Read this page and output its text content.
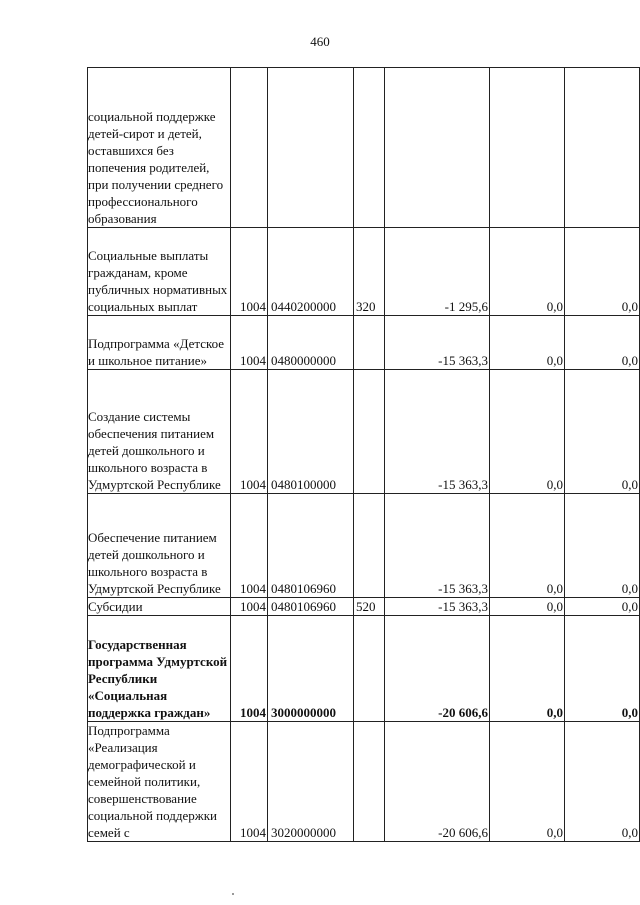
460
социальной поддержке детей-сирот и детей, оставшихся без попечения родителей, при получении среднего профессионального образования						

Социальные выплаты гражданам, кроме публичных нормативных социальных выплат	1004	0440200000	320	-1 295,6	0,0	0,0

Подпрограмма «Детское и школьное питание»	1004	0480000000		-15 363,3	0,0	0,0

Создание системы обеспечения питанием детей дошкольного и школьного возраста в Удмуртской Республике	1004	0480100000		-15 363,3	0,0	0,0

Обеспечение питанием детей дошкольного и школьного возраста в Удмуртской Республике	1004	0480106960		-15 363,3	0,0	0,0

Субсидии	1004	0480106960	520	-15 363,3	0,0	0,0

Государственная программа Удмуртской Республики «Социальная поддержка граждан»	1004	3000000000		-20 606,6	0,0	0,0

Подпрограмма «Реализация демографической и семейной политики, совершенствование социальной поддержки семей с	1004	3020000000		-20 606,6	0,0	0,0
